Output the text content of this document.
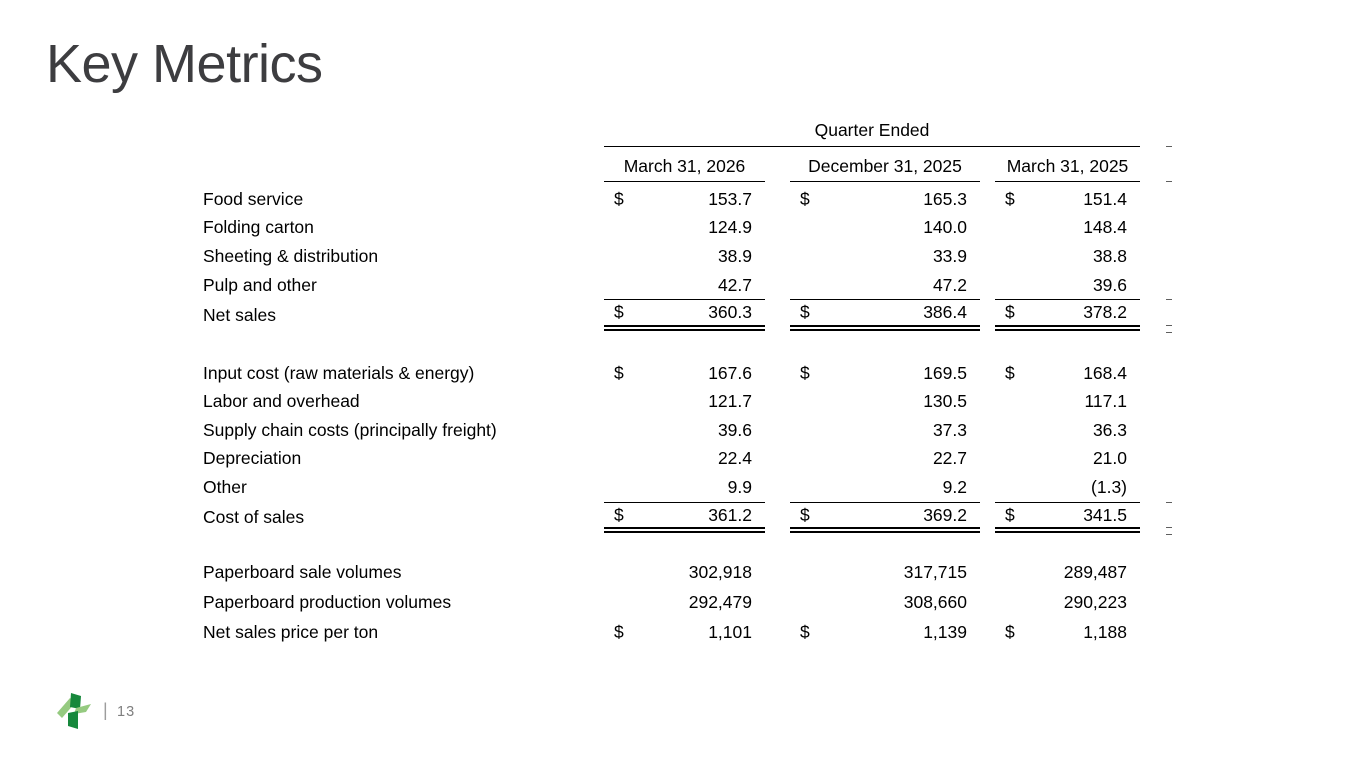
Key Metrics
Quarter Ended
March 31, 2026	December 31, 2025	March 31, 2025
Food service	$	153.7	$	165.3 $	151.4
Folding carton	124.9	140.0	148.4
Sheeting & distribution	38.9	33.9	38.8
Pulp and other	42.7	47.2	39.6
Net sales	$	360.3	$	386.4 $	378.2
Input cost (raw materials & energy)	$	167.6	$	169.5 $	168.4
Labor and overhead	121.7	130.5	117.1
Supply chain costs (principally freight)	39.6	37.3	36.3
Depreciation	22.4	22.7	21.0
Other	9.9	9.2	(1.3)
Cost of sales	$	361.2	$	369.2 $	341.5
Paperboard sale volumes	302,918	317,715	289,487
Paperboard production volumes	292,479	308,660	290,223
Net sales price per ton	$	1,101	$	1,139 $	1,188
| 13
